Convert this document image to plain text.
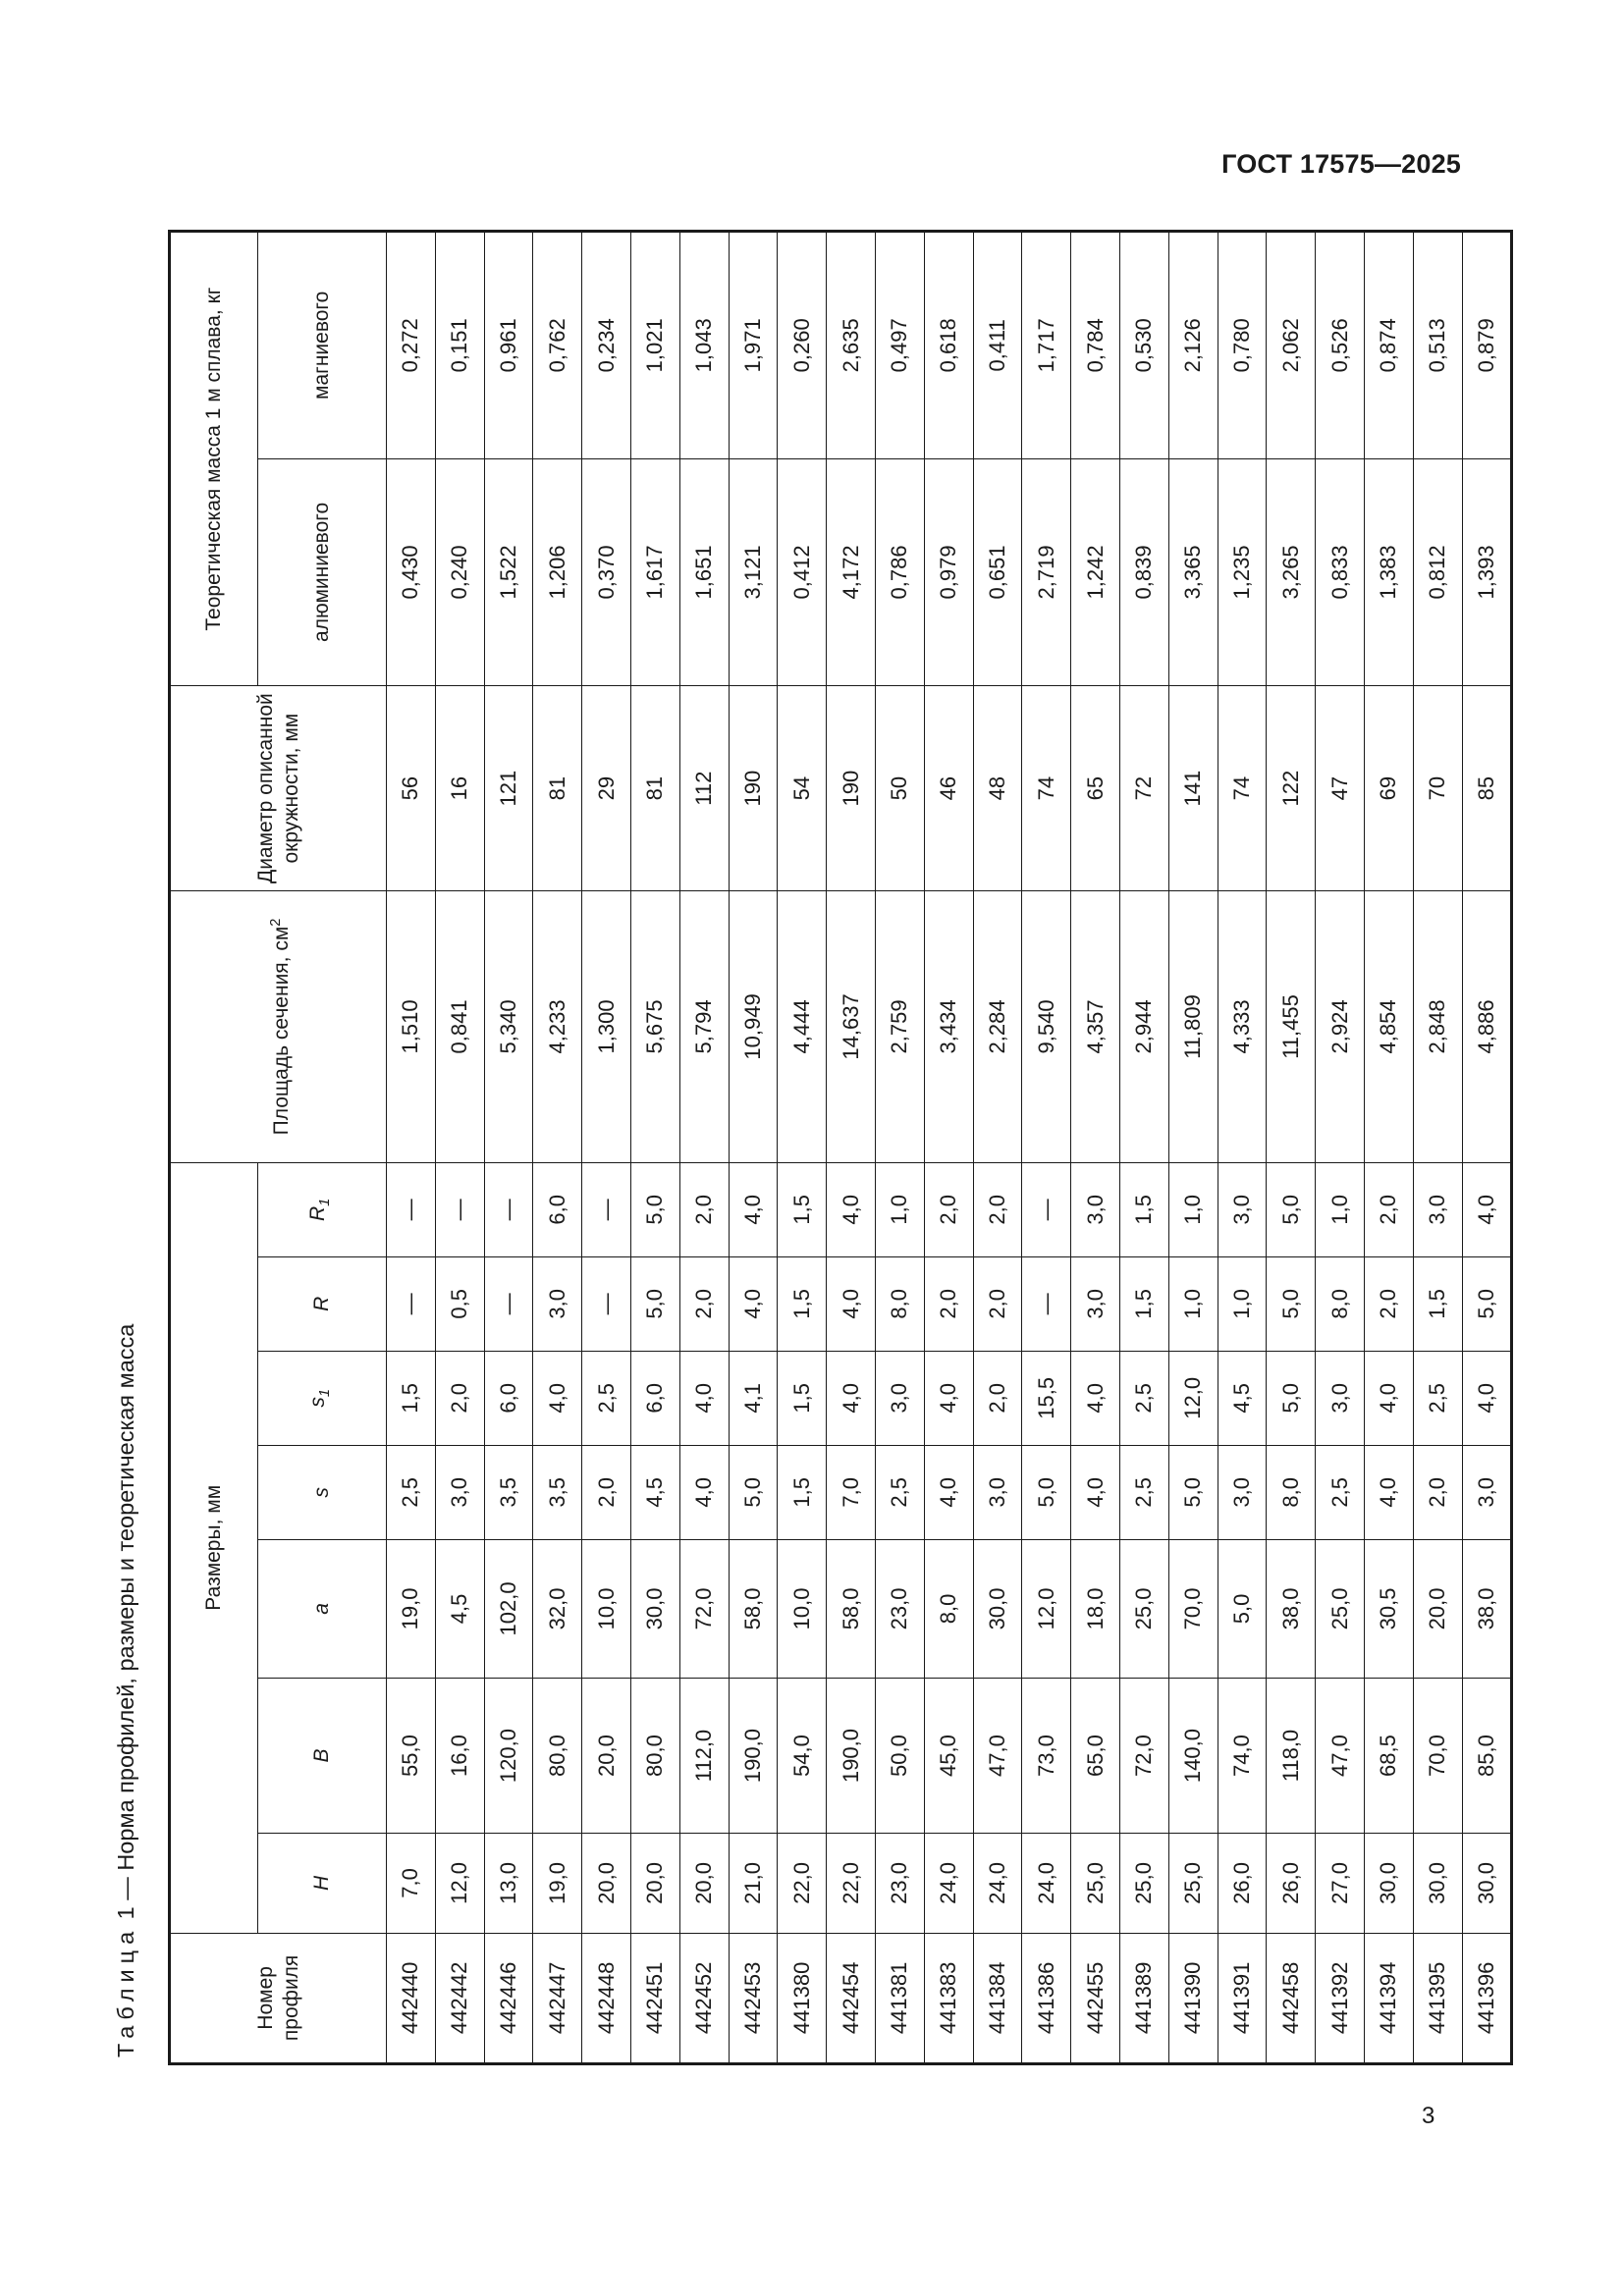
ГОСТ 17575—2025
Таблица 1 — Норма профилей, размеры и теоретическая масса
Номер профиля	Размеры, мм							Площадь сечения, $см^2$	Диаметр описанной окружности, мм	Теоретическая масса 1 м сплава, кг	
	H	B	a	s	$s_1$	R	$R_1$			алюминиевого	магниевого
442440	7,0	55,0	19,0	2,5	1,5	—	—	1,510	56	0,430	0,272
442442	12,0	16,0	4,5	3,0	2,0	0,5	—	0,841	16	0,240	0,151
442446	13,0	120,0	102,0	3,5	6,0	—	—	5,340	121	1,522	0,961
442447	19,0	80,0	32,0	3,5	4,0	3,0	6,0	4,233	81	1,206	0,762
442448	20,0	20,0	10,0	2,0	2,5	—	—	1,300	29	0,370	0,234
442451	20,0	80,0	30,0	4,5	6,0	5,0	5,0	5,675	81	1,617	1,021
442452	20,0	112,0	72,0	4,0	4,0	2,0	2,0	5,794	112	1,651	1,043
442453	21,0	190,0	58,0	5,0	4,1	4,0	4,0	10,949	190	3,121	1,971
441380	22,0	54,0	10,0	1,5	1,5	1,5	1,5	4,444	54	0,412	0,260
442454	22,0	190,0	58,0	7,0	4,0	4,0	4,0	14,637	190	4,172	2,635
441381	23,0	50,0	23,0	2,5	3,0	8,0	1,0	2,759	50	0,786	0,497
441383	24,0	45,0	8,0	4,0	4,0	2,0	2,0	3,434	46	0,979	0,618
441384	24,0	47,0	30,0	3,0	2,0	2,0	2,0	2,284	48	0,651	0,411
441386	24,0	73,0	12,0	5,0	15,5	—	—	9,540	74	2,719	1,717
442455	25,0	65,0	18,0	4,0	4,0	3,0	3,0	4,357	65	1,242	0,784
441389	25,0	72,0	25,0	2,5	2,5	1,5	1,5	2,944	72	0,839	0,530
441390	25,0	140,0	70,0	5,0	12,0	1,0	1,0	11,809	141	3,365	2,126
441391	26,0	74,0	5,0	3,0	4,5	1,0	3,0	4,333	74	1,235	0,780
442458	26,0	118,0	38,0	8,0	5,0	5,0	5,0	11,455	122	3,265	2,062
441392	27,0	47,0	25,0	2,5	3,0	8,0	1,0	2,924	47	0,833	0,526
441394	30,0	68,5	30,5	4,0	4,0	2,0	2,0	4,854	69	1,383	0,874
441395	30,0	70,0	20,0	2,0	2,5	1,5	3,0	2,848	70	0,812	0,513
441396	30,0	85,0	38,0	3,0	4,0	5,0	4,0	4,886	85	1,393	0,879
3
